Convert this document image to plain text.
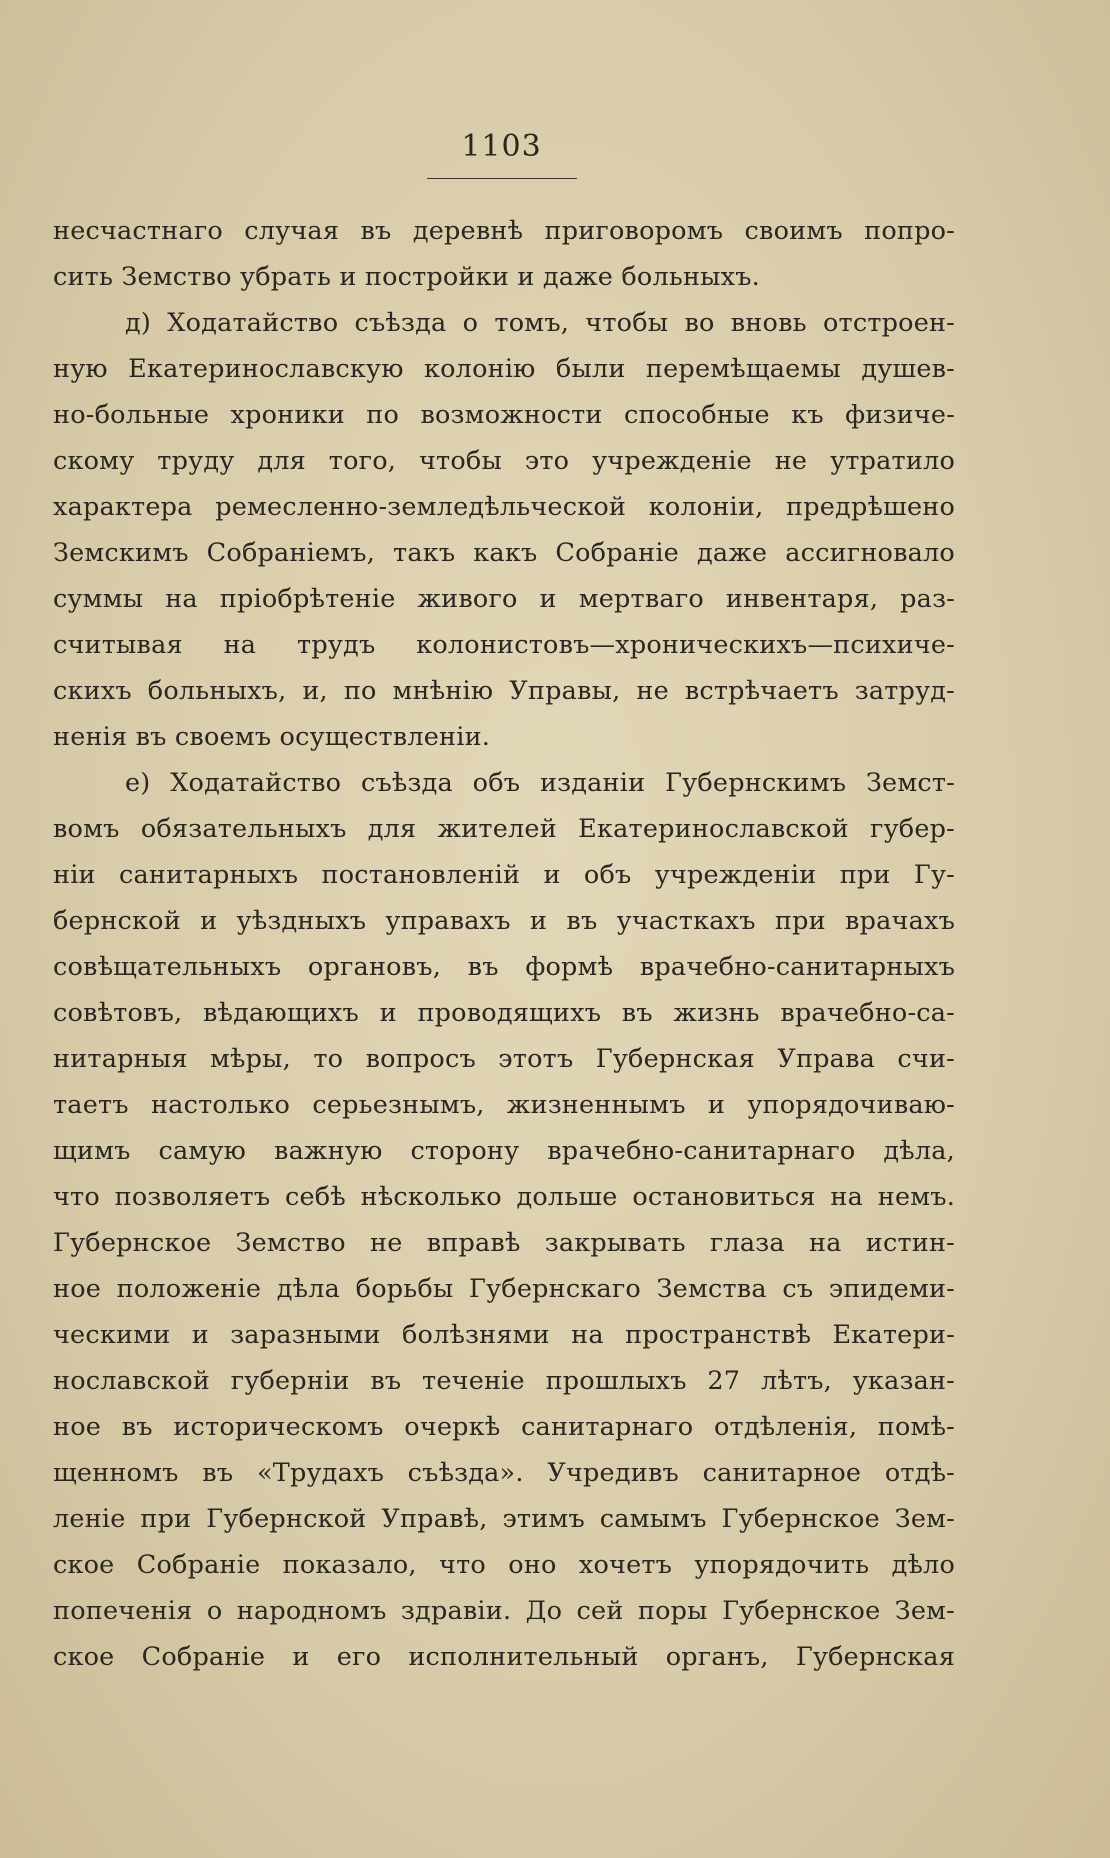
1103
несчастнаго случая въ деревнѣ приговоромъ своимъ попро-
сить Земство убрать и постройки и даже больныхъ.
д) Ходатайство съѣзда о томъ, чтобы во вновь отстроен-
ную Екатеринославскую колонію были перемѣщаемы душев-
но-больные хроники по возможности способные къ физиче-
скому труду для того, чтобы это учрежденіе не утратило
характера ремесленно-земледѣльческой колоніи, предрѣшено
Земскимъ Собраніемъ, такъ какъ Собраніе даже ассигновало
суммы на пріобрѣтеніе живого и мертваго инвентаря, раз-
считывая на трудъ колонистовъ—хроническихъ—психиче-
скихъ больныхъ, и, по мнѣнію Управы, не встрѣчаетъ затруд-
ненія въ своемъ осуществленіи.
е) Ходатайство съѣзда объ изданіи Губернскимъ Земст-
вомъ обязательныхъ для жителей Екатеринославской губер-
ніи санитарныхъ постановленій и объ учрежденіи при Гу-
бернской и уѣздныхъ управахъ и въ участкахъ при врачахъ
совѣщательныхъ органовъ, въ формѣ врачебно-санитарныхъ
совѣтовъ, вѣдающихъ и проводящихъ въ жизнь врачебно-са-
нитарныя мѣры, то вопросъ этотъ Губернская Управа счи-
таетъ настолько серьезнымъ, жизненнымъ и упорядочиваю-
щимъ самую важную сторону врачебно-санитарнаго дѣла,
что позволяетъ себѣ нѣсколько дольше остановиться на немъ.
Губернское Земство не вправѣ закрывать глаза на истин-
ное положеніе дѣла борьбы Губернскаго Земства съ эпидеми-
ческими и заразными болѣзнями на пространствѣ Екатери-
нославской губерніи въ теченіе прошлыхъ 27 лѣтъ, указан-
ное въ историческомъ очеркѣ санитарнаго отдѣленія, помѣ-
щенномъ въ «Трудахъ съѣзда». Учредивъ санитарное отдѣ-
леніе при Губернской Управѣ, этимъ самымъ Губернское Зем-
ское Собраніе показало, что оно хочетъ упорядочить дѣло
попеченія о народномъ здравіи. До сей поры Губернское Зем-
ское Собраніе и его исполнительный органъ, Губернская
